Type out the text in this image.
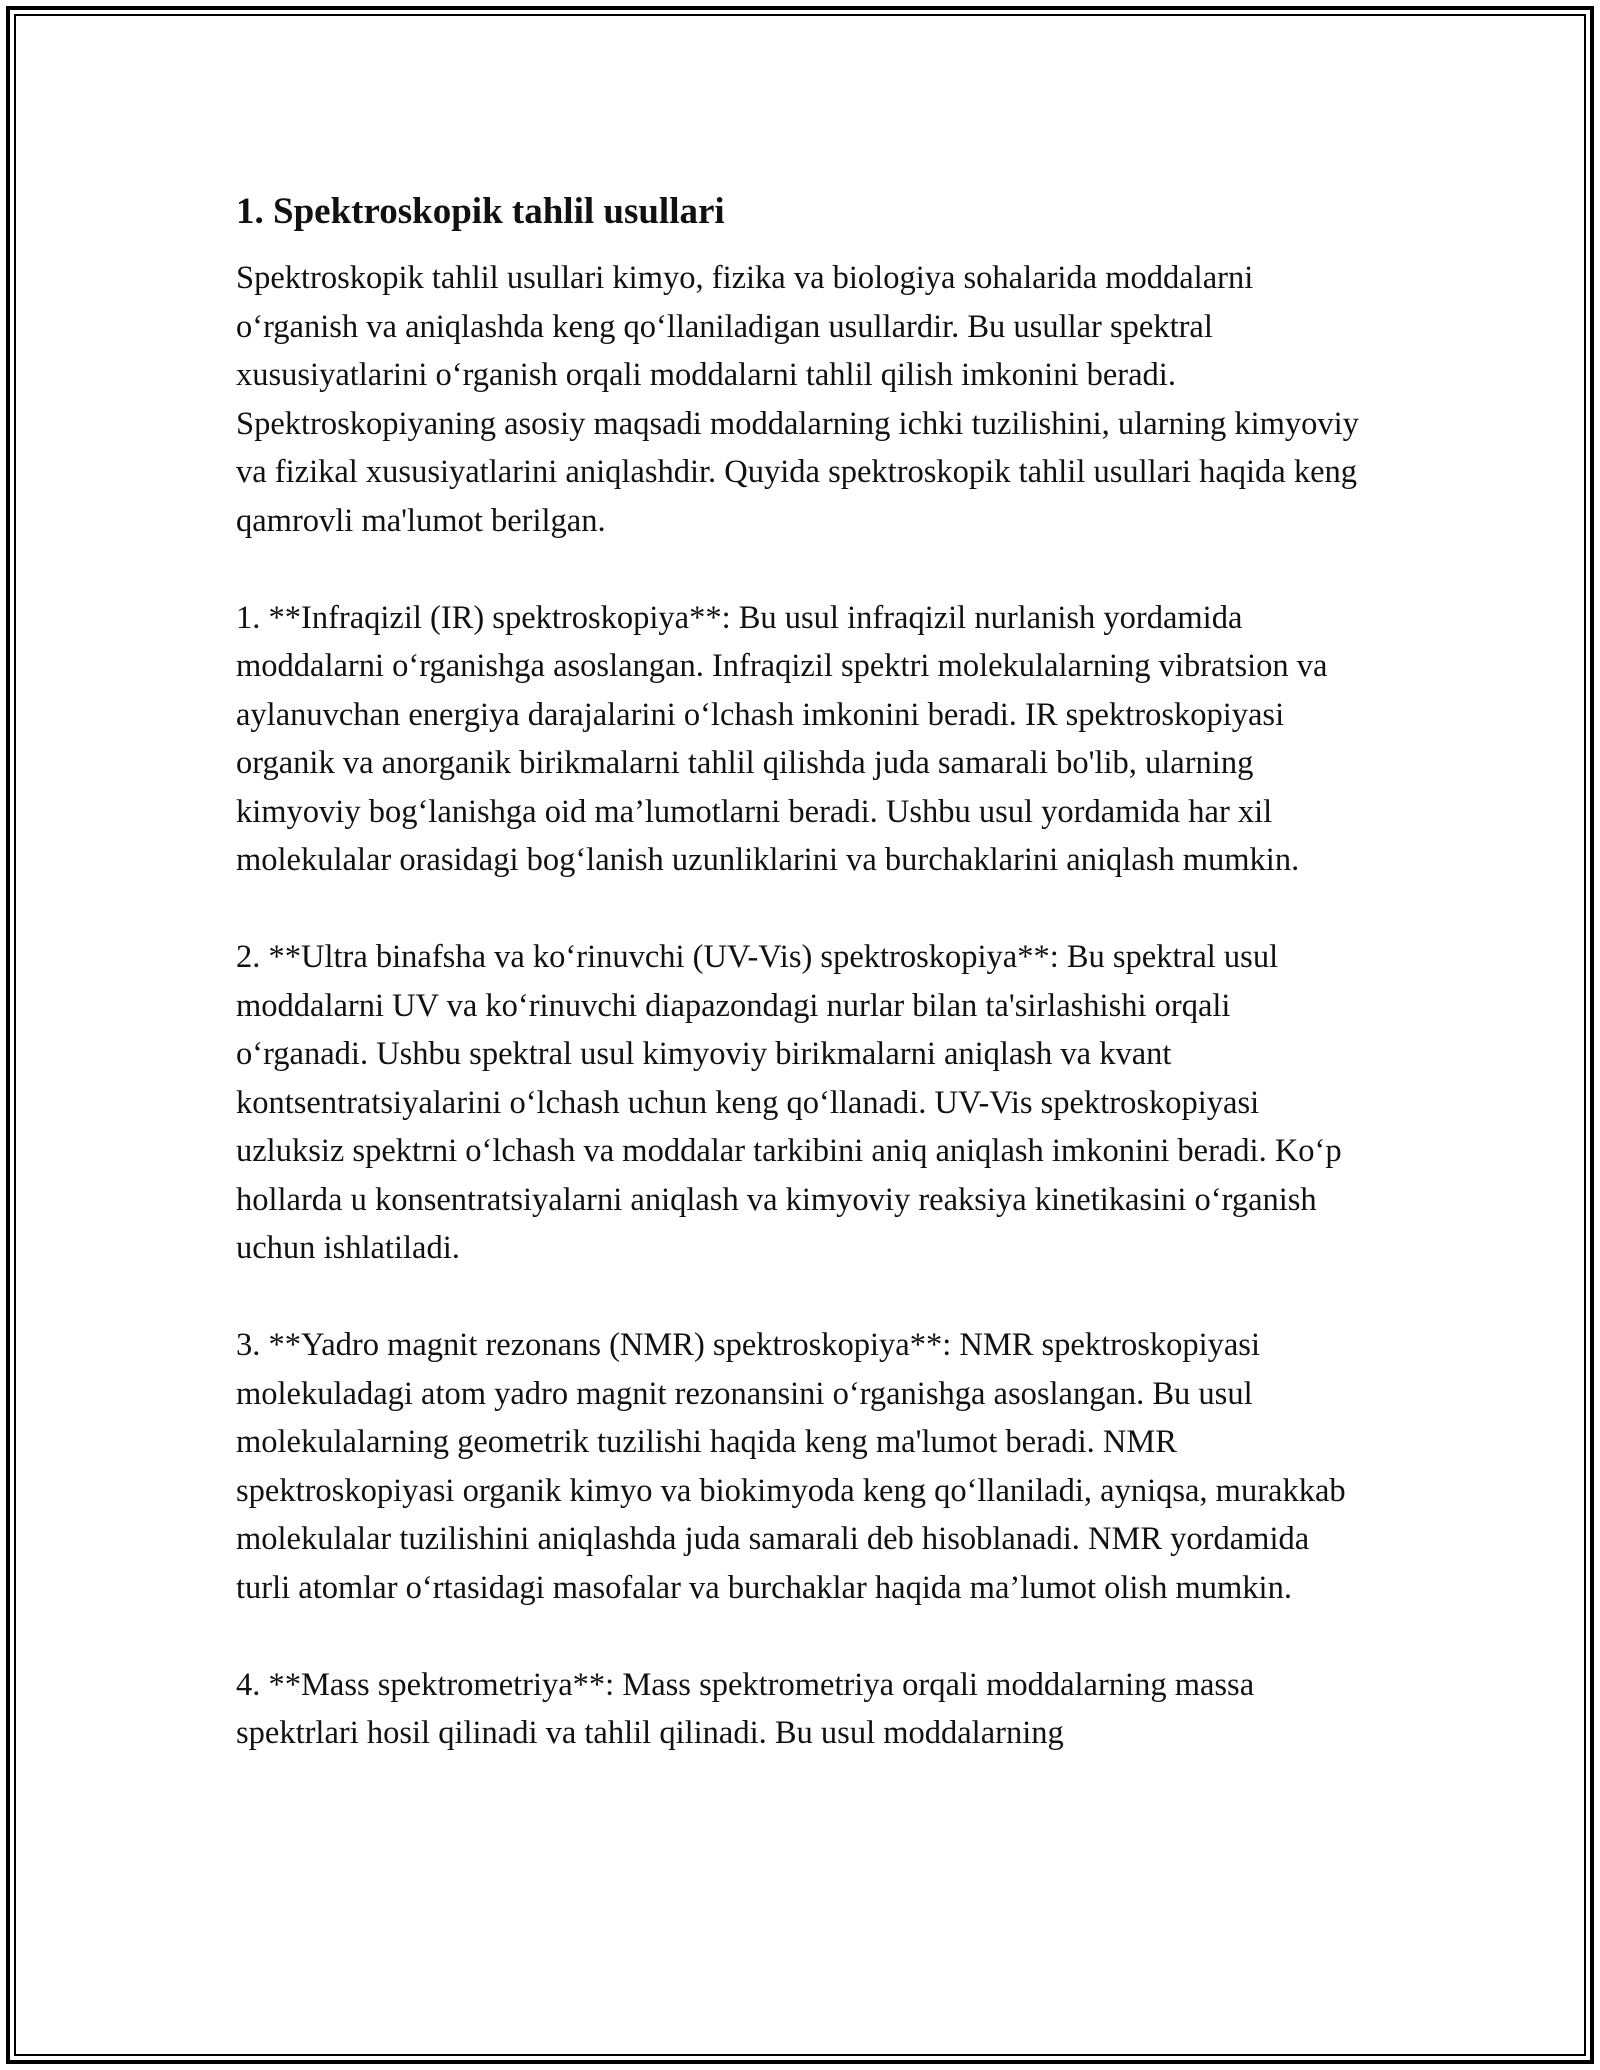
1. Spektroskopik tahlil usullari
Spektroskopik tahlil usullari kimyo, fizika va biologiya sohalarida moddalarni o‘rganish va aniqlashda keng qo‘llaniladigan usullardir. Bu usullar spektral xususiyatlarini o‘rganish orqali moddalarni tahlil qilish imkonini beradi. Spektroskopiyaning asosiy maqsadi moddalarning ichki tuzilishini, ularning kimyoviy va fizikal xususiyatlarini aniqlashdir. Quyida spektroskopik tahlil usullari haqida keng qamrovli ma'lumot berilgan.
1. **Infraqizil (IR) spektroskopiya**: Bu usul infraqizil nurlanish yordamida moddalarni o‘rganishga asoslangan. Infraqizil spektri molekulalarning vibratsion va aylanuvchan energiya darajalarini o‘lchash imkonini beradi. IR spektroskopiyasi organik va anorganik birikmalarni tahlil qilishda juda samarali bo'lib, ularning kimyoviy bog‘lanishga oid ma’lumotlarni beradi. Ushbu usul yordamida har xil molekulalar orasidagi bog‘lanish uzunliklarini va burchaklarini aniqlash mumkin.
2. **Ultra binafsha va ko‘rinuvchi (UV-Vis) spektroskopiya**: Bu spektral usul moddalarni UV va ko‘rinuvchi diapazondagi nurlar bilan ta'sirlashishi orqali o‘rganadi. Ushbu spektral usul kimyoviy birikmalarni aniqlash va kvant kontsentratsiyalarini o‘lchash uchun keng qo‘llanadi. UV-Vis spektroskopiyasi uzluksiz spektrni o‘lchash va moddalar tarkibini aniq aniqlash imkonini beradi. Ko‘p hollarda u konsentratsiyalarni aniqlash va kimyoviy reaksiya kinetikasini o‘rganish uchun ishlatiladi.
3. **Yadro magnit rezonans (NMR) spektroskopiya**: NMR spektroskopiyasi molekuladagi atom yadro magnit rezonansini o‘rganishga asoslangan. Bu usul molekulalarning geometrik tuzilishi haqida keng ma'lumot beradi. NMR spektroskopiyasi organik kimyo va biokimyoda keng qo‘llaniladi, ayniqsa, murakkab molekulalar tuzilishini aniqlashda juda samarali deb hisoblanadi. NMR yordamida turli atomlar o‘rtasidagi masofalar va burchaklar haqida ma’lumot olish mumkin.
4. **Mass spektrometriya**: Mass spektrometriya orqali moddalarning massa spektrlari hosil qilinadi va tahlil qilinadi. Bu usul moddalarning
